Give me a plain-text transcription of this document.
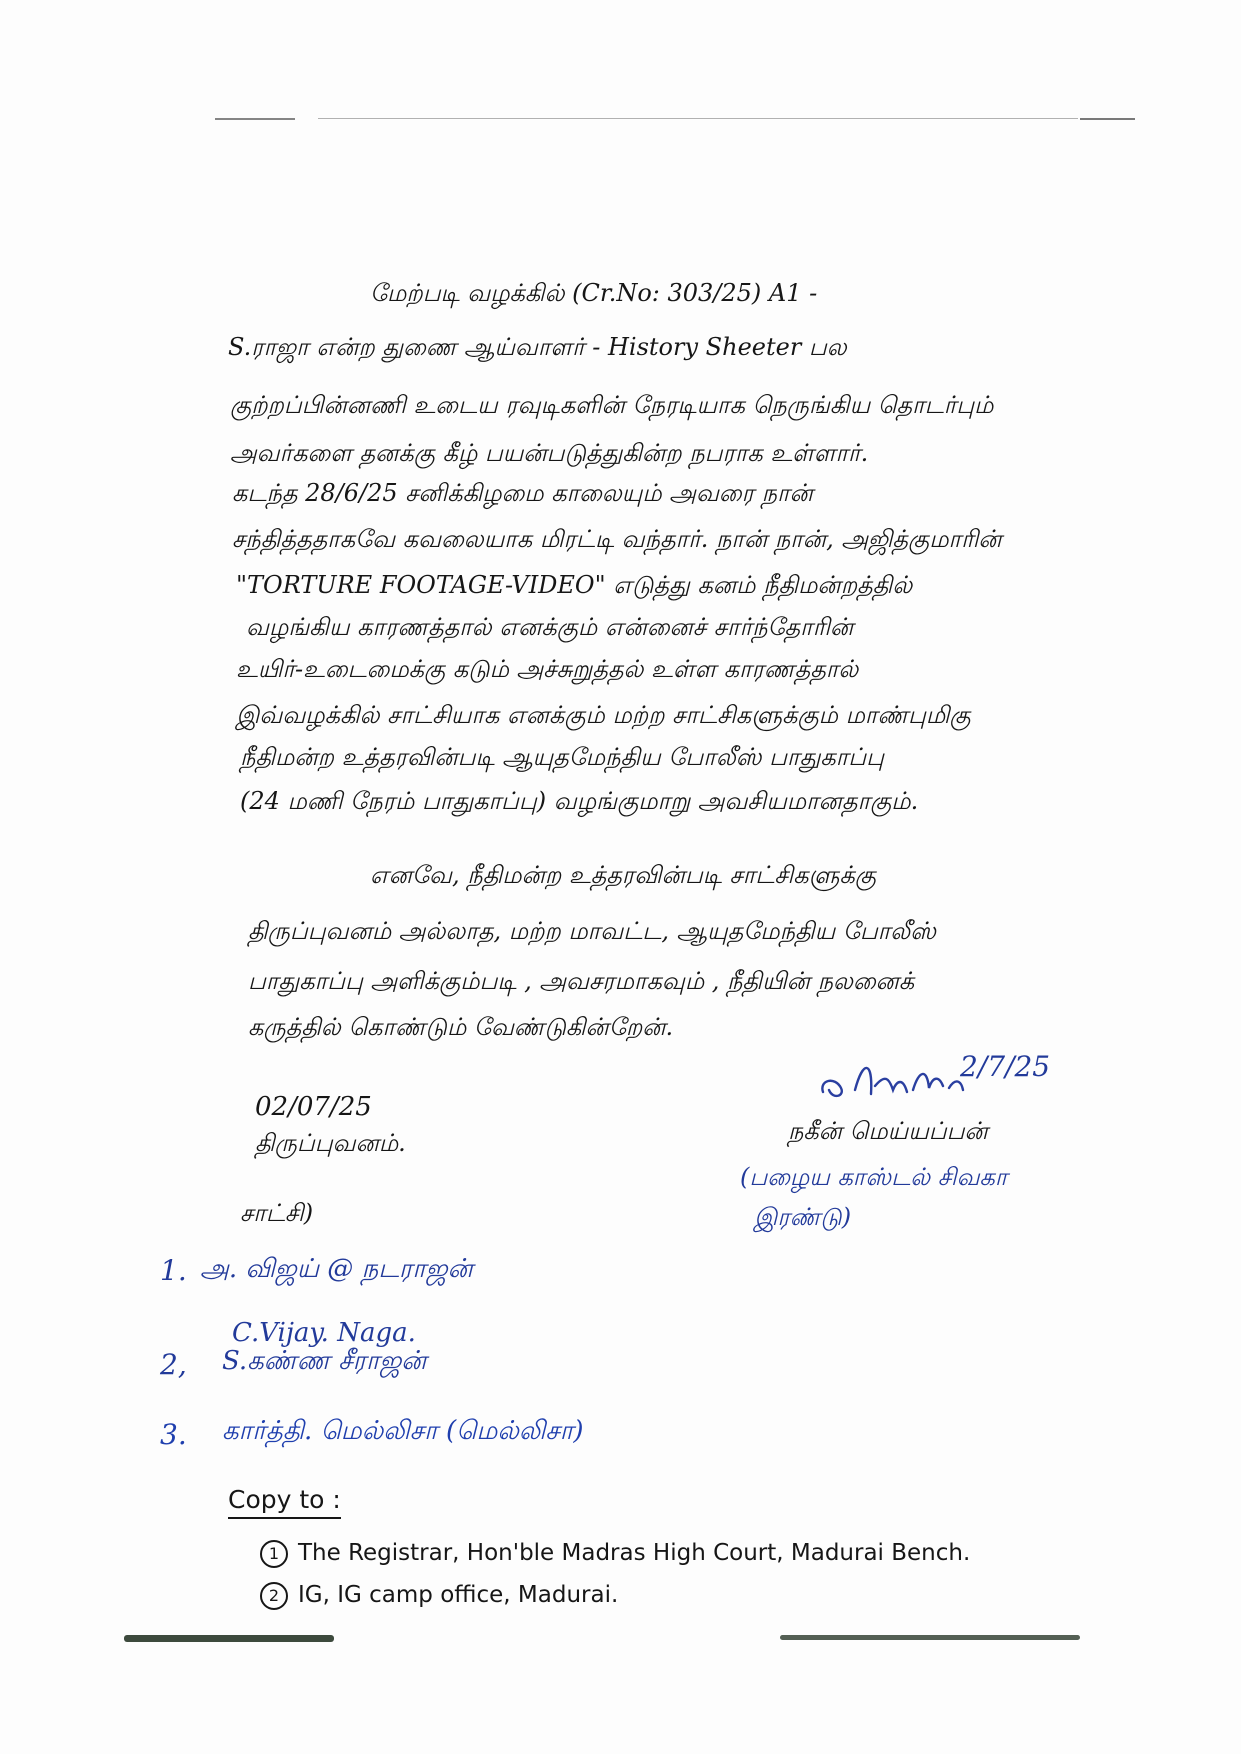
மேற்படி வழக்கில் (Cr.No: 303/25) A1 -

S.ராஜா என்ற துணை ஆய்வாளர் - History Sheeter பல

குற்றப்பின்னணி உடைய ரவுடிகளின் நேரடியாக நெருங்கிய தொடர்பும்

அவர்களை தனக்கு கீழ் பயன்படுத்துகின்ற நபராக உள்ளார்.

கடந்த 28/6/25 சனிக்கிழமை காலையும் அவரை நான்

சந்தித்ததாகவே கவலையாக மிரட்டி வந்தார். நான் நான், அஜித்குமாரின்

"TORTURE FOOTAGE-VIDEO" எடுத்து கனம் நீதிமன்றத்தில்

வழங்கிய காரணத்தால் எனக்கும் என்னைச் சார்ந்தோரின்

உயிர்-உடைமைக்கு கடும் அச்சுறுத்தல் உள்ள காரணத்தால்

இவ்வழக்கில் சாட்சியாக எனக்கும் மற்ற சாட்சிகளுக்கும் மாண்புமிகு

நீதிமன்ற உத்தரவின்படி ஆயுதமேந்திய போலீஸ் பாதுகாப்பு

(24 மணி நேரம் பாதுகாப்பு) வழங்குமாறு அவசியமானதாகும்.

எனவே, நீதிமன்ற உத்தரவின்படி சாட்சிகளுக்கு

திருப்புவனம் அல்லாத, மற்ற மாவட்ட, ஆயுதமேந்திய போலீஸ்

பாதுகாப்பு அளிக்கும்படி , அவசரமாகவும் , நீதியின் நலனைக்

கருத்தில் கொண்டும் வேண்டுகின்றேன்.

02/07/25

திருப்புவனம்.

2/7/25

நகீன் மெய்யப்பன்

(பழைய காஸ்டல் சிவகா

இரண்டு)

சாட்சி)

1. அ. விஜய் @ நடராஜன்

C.Vijay. Naga.

2, S.கண்ண சீராஜன்

3. கார்த்தி. மெல்லிசா (மெல்லிசா)

Copy to :
1 The Registrar, Hon'ble Madras High Court, Madurai Bench.
2 IG, IG camp office, Madurai.
